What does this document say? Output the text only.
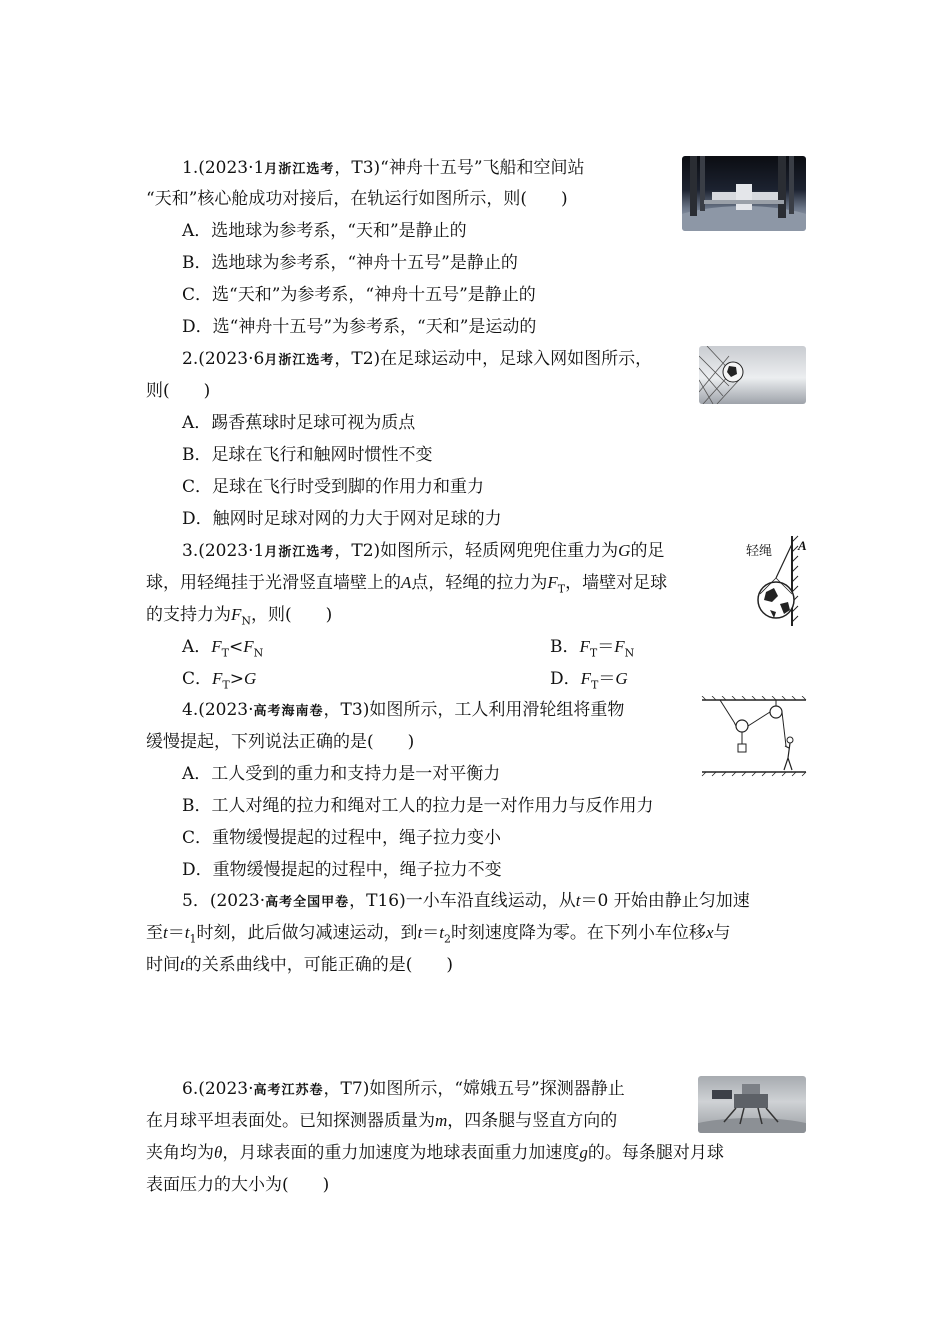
1.(2023·1月浙江选考，T3)“神舟十五号”飞船和空间站
“天和”核心舱成功对接后，在轨运行如图所示，则(　　)
A．选地球为参考系，“天和”是静止的
B．选地球为参考系，“神舟十五号”是静止的
C．选“天和”为参考系，“神舟十五号”是静止的
D．选“神舟十五号”为参考系，“天和”是运动的
2.(2023·6月浙江选考，T2)在足球运动中，足球入网如图所示，
则(　　)
A．踢香蕉球时足球可视为质点
B．足球在飞行和触网时惯性不变
C．足球在飞行时受到脚的作用力和重力
D．触网时足球对网的力大于网对足球的力
3.(2023·1月浙江选考，T2)如图所示，轻质网兜兜住重力为G的足
球，用轻绳挂于光滑竖直墙壁上的A点，轻绳的拉力为$F_T$，墙壁对足球
的支持力为$F_N$，则(　　)
A．$F_T<F_N$	B．$F_T=F_N$
C．$F_T>G$	D．$F_T=G$
轻绳 A
4.(2023·高考海南卷，T3)如图所示，工人利用滑轮组将重物
缓慢提起，下列说法正确的是(　　)
A．工人受到的重力和支持力是一对平衡力
B．工人对绳的拉力和绳对工人的拉力是一对作用力与反作用力
C．重物缓慢提起的过程中，绳子拉力变小
D．重物缓慢提起的过程中，绳子拉力不变
5．(2023·高考全国甲卷，T16)一小车沿直线运动，从t＝0 开始由静止匀加速
至$t=t_1$时刻，此后做匀减速运动，到$t=t_2$时刻速度降为零。在下列小车位移x与
时间t的关系曲线中，可能正确的是(　　)
6.(2023·高考江苏卷，T7)如图所示，“嫦娥五号”探测器静止
在月球平坦表面处。已知探测器质量为m，四条腿与竖直方向的
夹角均为θ，月球表面的重力加速度为地球表面重力加速度g的。每条腿对月球
表面压力的大小为(　　)
